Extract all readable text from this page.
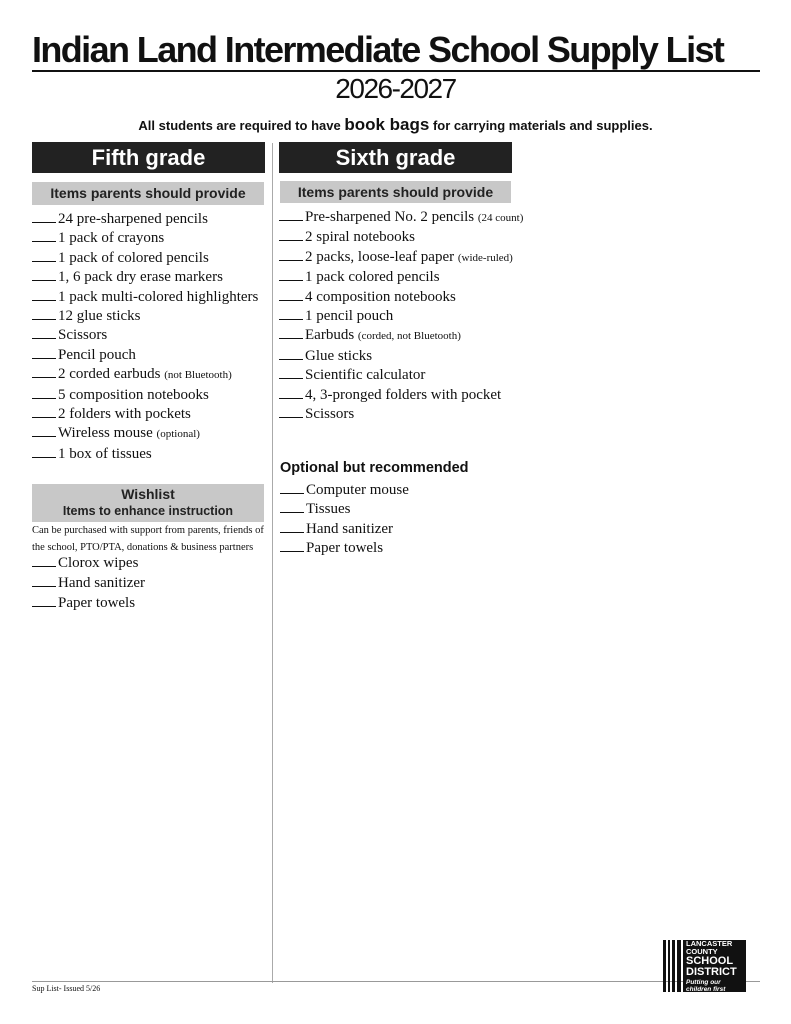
Indian Land Intermediate School Supply List
2026-2027
All students are required to have book bags for carrying materials and supplies.
Fifth grade
Items parents should provide
24 pre-sharpened pencils
1 pack of crayons
1 pack of colored pencils
1, 6 pack dry erase markers
1 pack multi-colored highlighters
12 glue sticks
Scissors
Pencil pouch
2 corded earbuds (not Bluetooth)
5 composition notebooks
2 folders with pockets
Wireless mouse (optional)
1 box of tissues
Wishlist
Items to enhance instruction
Can be purchased with support from parents, friends of the school, PTO/PTA, donations & business partners
Clorox wipes
Hand sanitizer
Paper towels
Sixth grade
Items parents should provide
Pre-sharpened No. 2 pencils (24 count)
2 spiral notebooks
2 packs, loose-leaf paper (wide-ruled)
1 pack colored pencils
4 composition notebooks
1 pencil pouch
Earbuds (corded, not Bluetooth)
Glue sticks
Scientific calculator
4, 3-pronged folders with pocket
Scissors
Optional but recommended
Computer mouse
Tissues
Hand sanitizer
Paper towels
Sup List- Issued 5/26
LANCASTER
COUNTY
SCHOOL
DISTRICT
Putting our children first
